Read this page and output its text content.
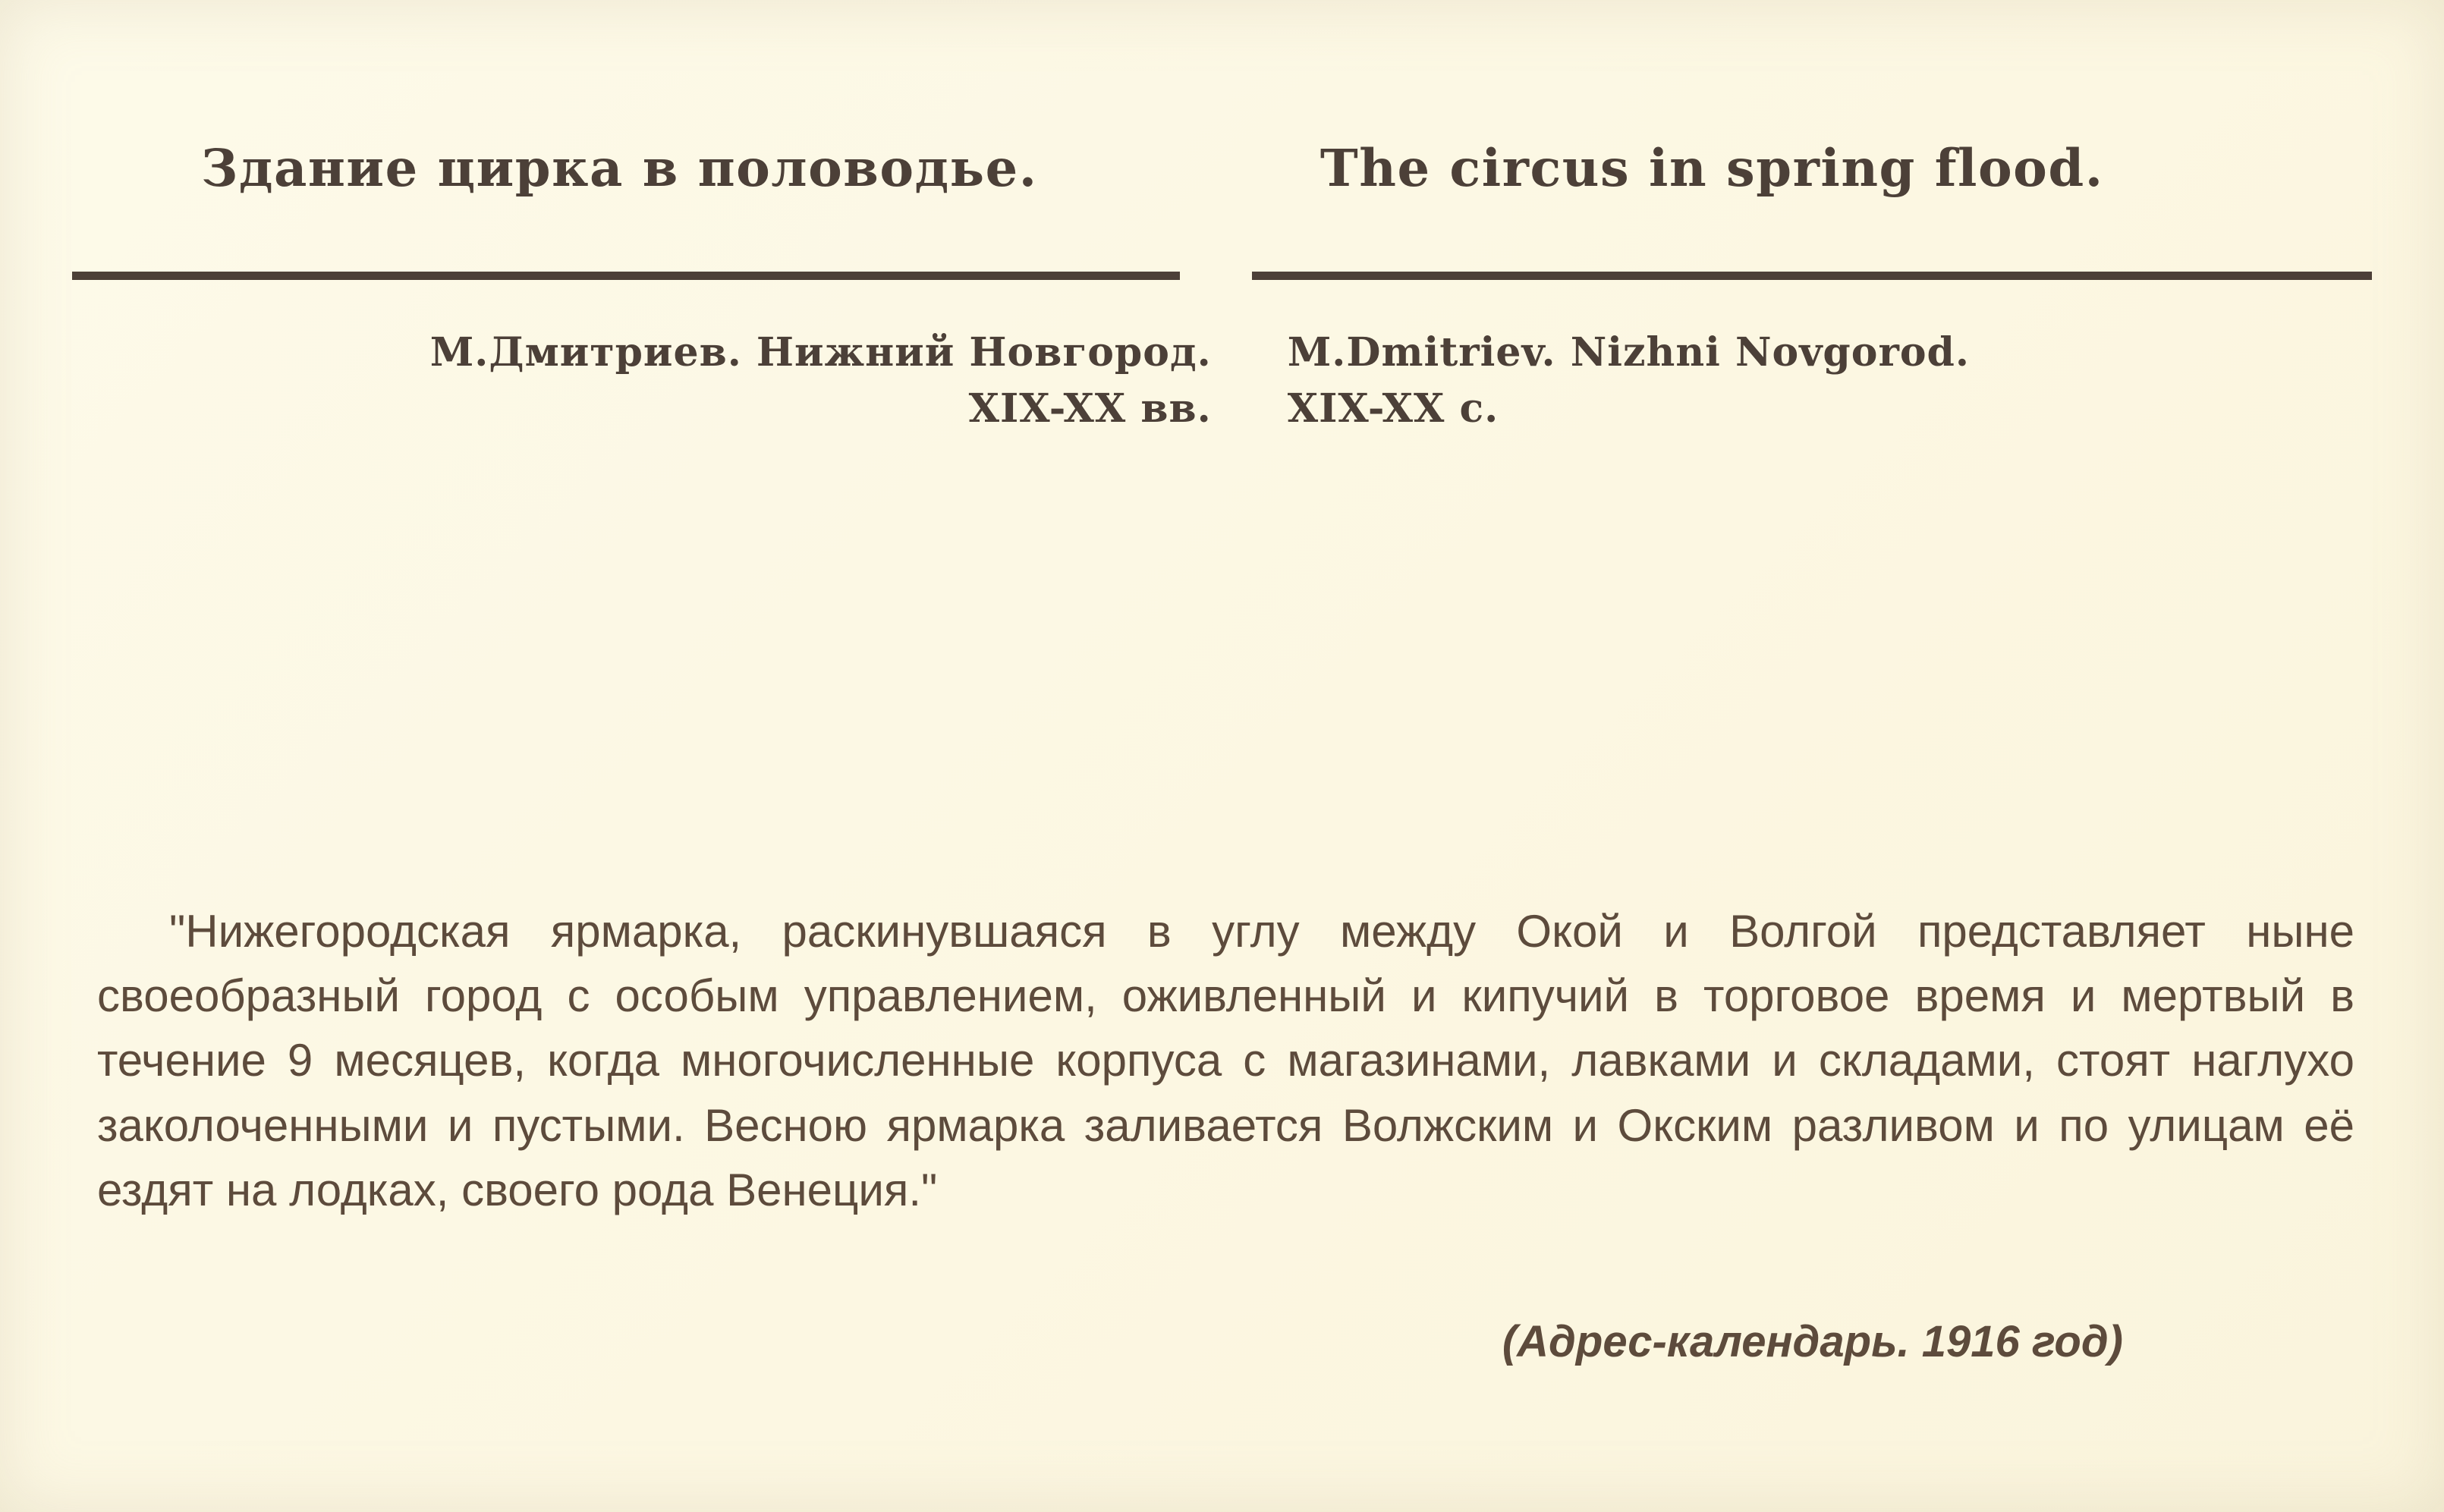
Здание цирка в половодье.	The circus in spring flood.
М.Дмитриев. Нижний Новгород.
XIX-XX вв.
M.Dmitriev. Nizhni Novgorod.
XIX-XX c.

"Нижегородская ярмарка, раскинувшаяся в углу между Окой и Волгой представляет ныне своеобразный город с особым управлением, оживленный и кипучий в торговое время и мертвый в течение 9 месяцев, когда многочисленные корпуса с магазинами, лавками и складами, стоят наглухо заколоченными и пустыми. Весною ярмарка заливается Волжским и Окским разливом и по улицам её ездят на лодках, своего рода Венеция."

(Адрес-календарь. 1916 год)
